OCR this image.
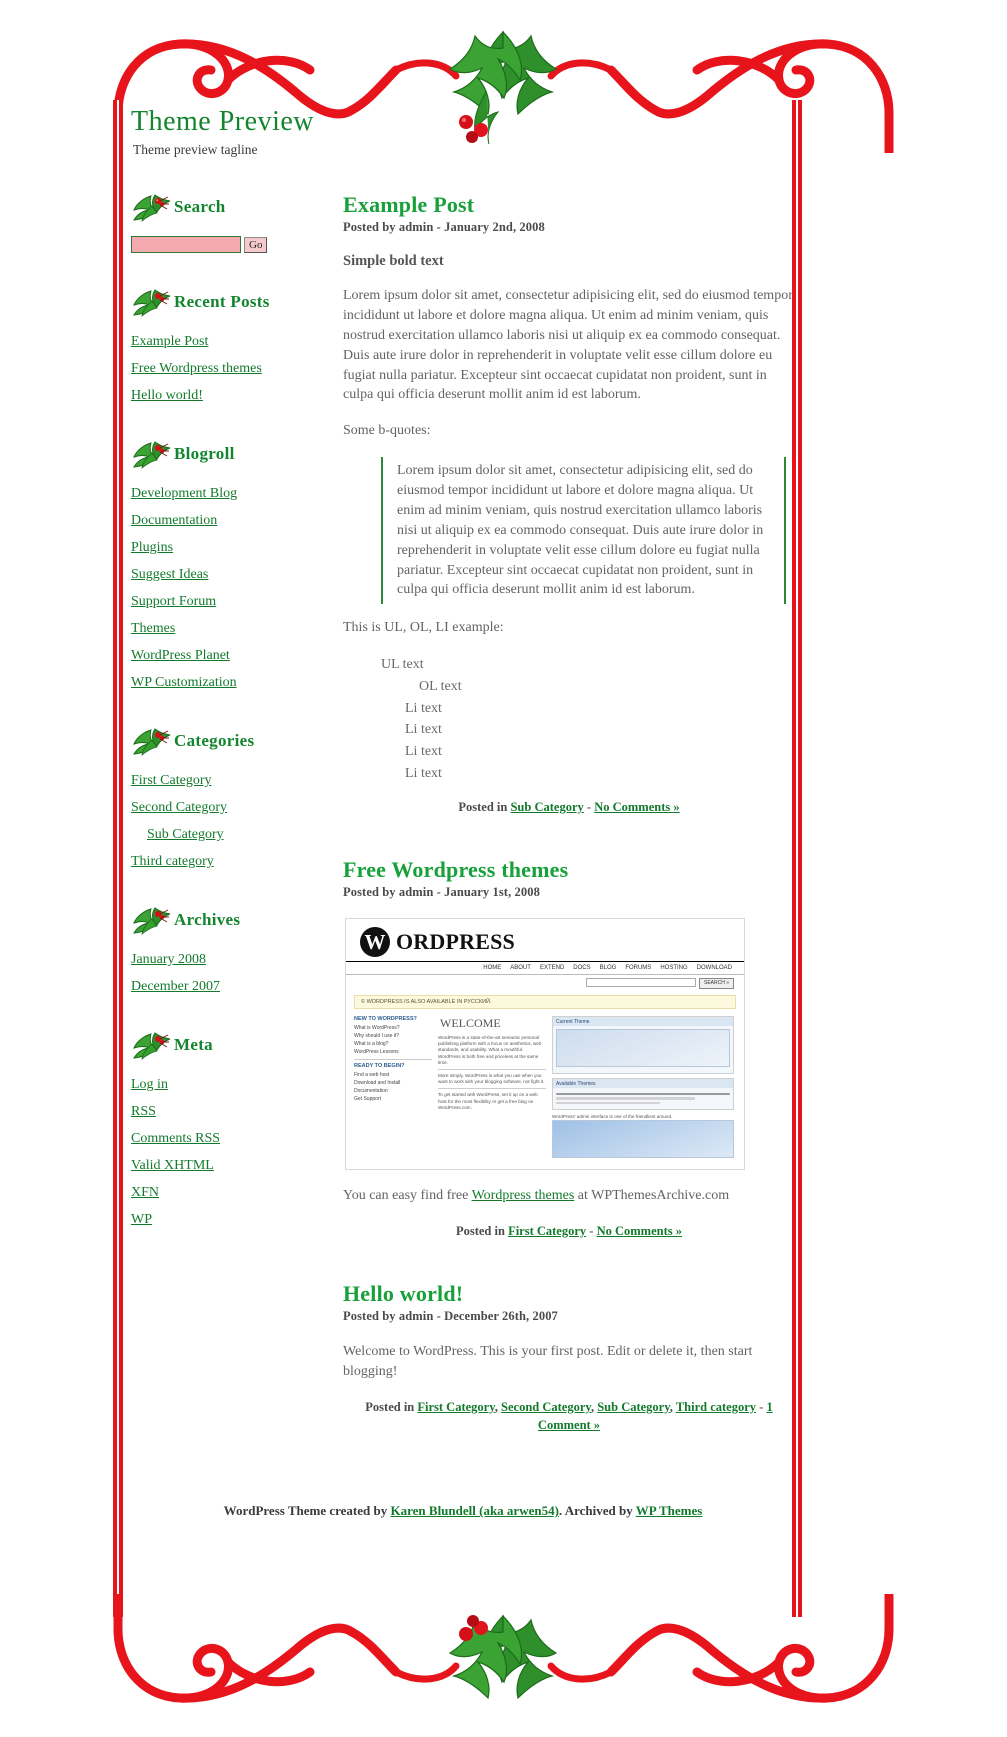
Theme Preview
Theme preview tagline
Search
Go
Recent Posts
Example Post
Free Wordpress themes
Hello world!
Blogroll
Development Blog
Documentation
Plugins
Suggest Ideas
Support Forum
Themes
WordPress Planet
WP Customization
Categories
First Category
Second Category
Sub Category
Third category
Archives
January 2008
December 2007
Meta
Log in
RSS
Comments RSS
Valid XHTML
XFN
WP
Example Post
Posted by admin - January 2nd, 2008
Simple bold text

Lorem ipsum dolor sit amet, consectetur adipisicing elit, sed do eiusmod tempor incididunt ut labore et dolore magna aliqua. Ut enim ad minim veniam, quis nostrud exercitation ullamco laboris nisi ut aliquip ex ea commodo consequat. Duis aute irure dolor in reprehenderit in voluptate velit esse cillum dolore eu fugiat nulla pariatur. Excepteur sint occaecat cupidatat non proident, sunt in culpa qui officia deserunt mollit anim id est laborum.

Some b-quotes:

Lorem ipsum dolor sit amet, consectetur adipisicing elit, sed do eiusmod tempor incididunt ut labore et dolore magna aliqua. Ut enim ad minim veniam, quis nostrud exercitation ullamco laboris nisi ut aliquip ex ea commodo consequat. Duis aute irure dolor in reprehenderit in voluptate velit esse cillum dolore eu fugiat nulla pariatur. Excepteur sint occaecat cupidatat non proident, sunt in culpa qui officia deserunt mollit anim id est laborum.

This is UL, OL, LI example:

UL text
OL text
Li text
Li text
Li text
Li text
Posted in Sub Category - No Comments »
Free Wordpress themes
Posted by admin - January 1st, 2008
W ORDPRESS
HOME ABOUT EXTEND DOCS BLOG FORUMS HOSTING DOWNLOAD
SEARCH »
© WORDPRESS IS ALSO AVAILABLE IN РУССКИЙ.
NEW TO WORDPRESS?
What is WordPress?
Why should I use it?
What is a blog?
WordPress Lessons
READY TO BEGIN?
Find a web host
Download and Install
Documentation
Get Support
WELCOME
WordPress is a state-of-the-art semantic personal publishing platform with a focus on aesthetics, web standards, and usability. What a mouthful. WordPress is both free and priceless at the same time.
More simply, WordPress is what you use when you want to work with your blogging software, not fight it.
To get started with WordPress, set it up on a web host for the most flexibility or get a free blog on WordPress.com.
Current Theme
Available Themes
WordPress' admin interface is one of the friendliest around.

You can easy find free Wordpress themes at WPThemesArchive.com

Posted in First Category - No Comments »
Hello world!
Posted by admin - December 26th, 2007

Welcome to WordPress. This is your first post. Edit or delete it, then start blogging!

Posted in First Category, Second Category, Sub Category, Third category - 1 Comment »
WordPress Theme created by Karen Blundell (aka arwen54). Archived by WP Themes
